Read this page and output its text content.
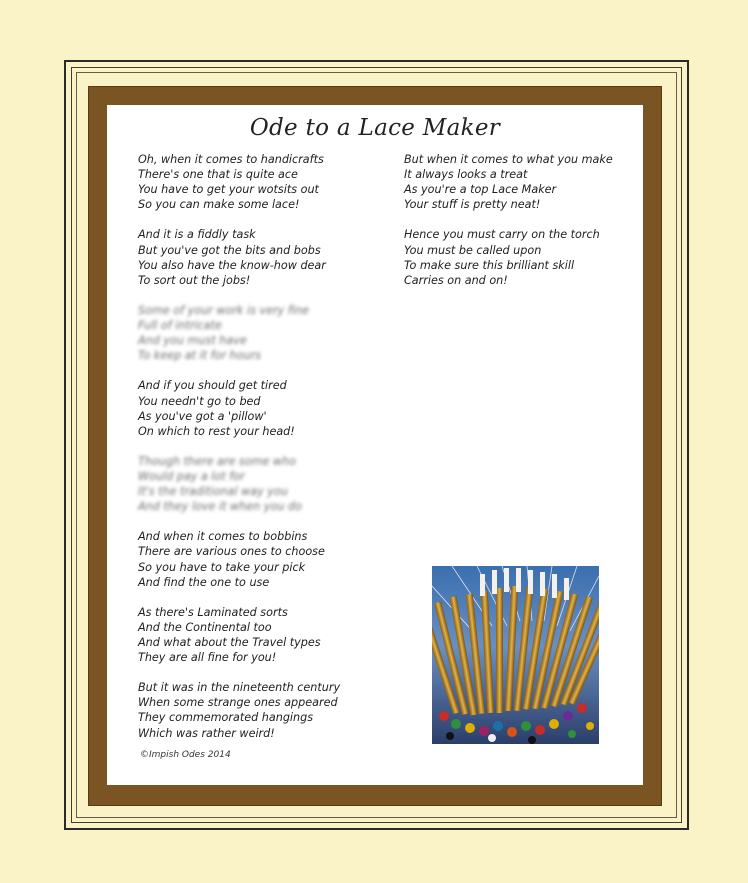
Ode to a Lace Maker
Oh, when it comes to handicrafts
There's one that is quite ace
You have to get your wotsits out
So you can make some lace!
And it is a fiddly task
But you've got the bits and bobs
You also have the know-how dear
To sort out the jobs!
Some of your work is very fine
Full of intricate
And you must have
To keep at it for hours
And if you should get tired
You needn't go to bed
As you've got a 'pillow'
On which to rest your head!
Though there are some who
Would pay a lot for
It's the traditional way you
And they love it when you do
And when it comes to bobbins
There are various ones to choose
So you have to take your pick
And find the one to use
As there's Laminated sorts
And the Continental too
And what about the Travel types
They are all fine for you!
But it was in the nineteenth century
When some strange ones appeared
They commemorated hangings
Which was rather weird!
But when it comes to what you make
It always looks a treat
As you're a top Lace Maker
Your stuff is pretty neat!
Hence you must carry on the torch
You must be called upon
To make sure this brilliant skill
Carries on and on!
©Impish Odes 2014
